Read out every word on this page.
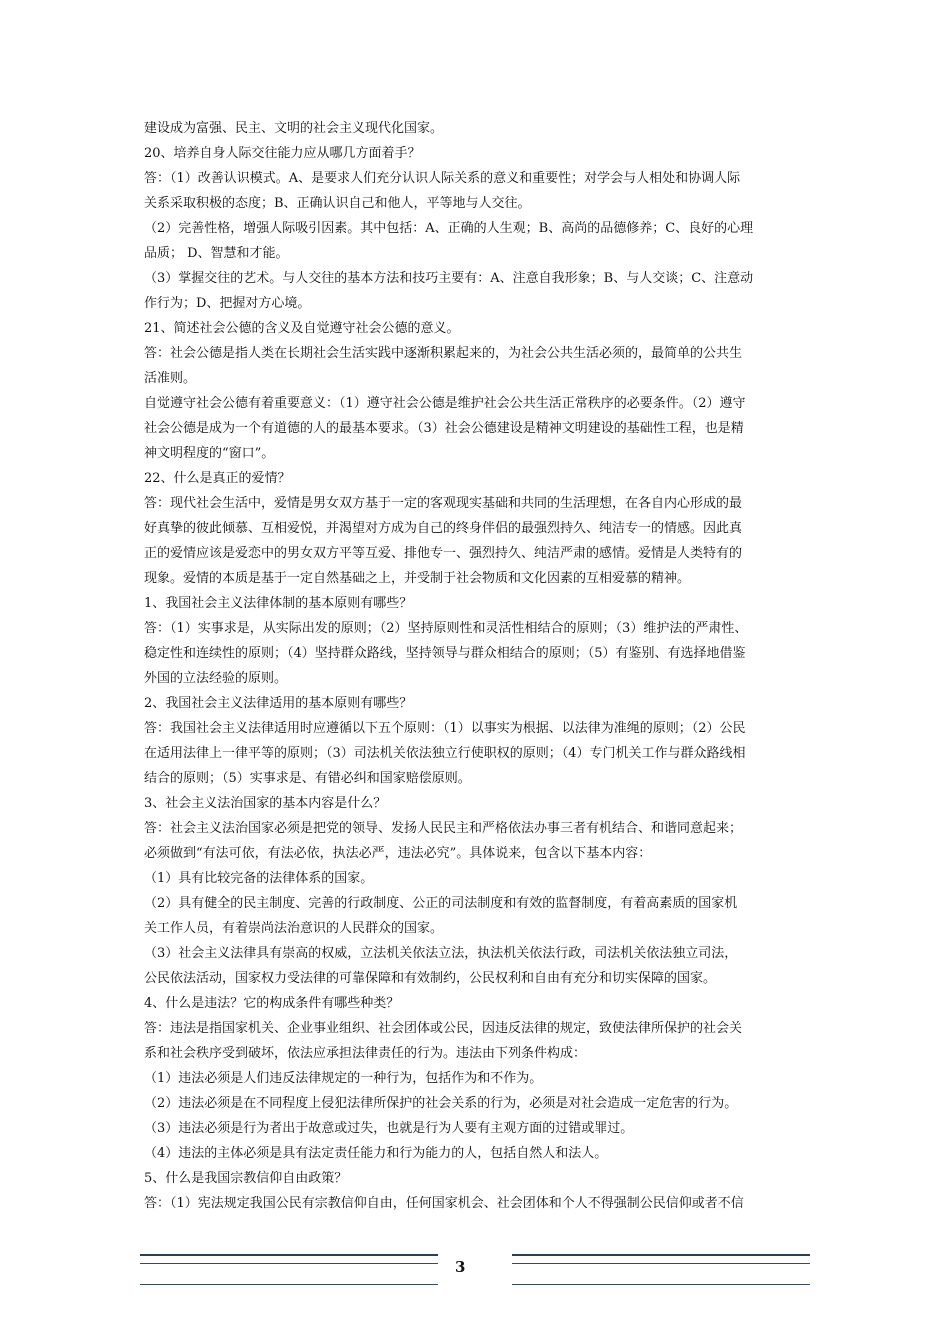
建设成为富强、民主、文明的社会主义现代化国家。
20、培养自身人际交往能力应从哪几方面着手？
答：（1）改善认识模式。A、是要求人们充分认识人际关系的意义和重要性；对学会与人相处和协调人际
关系采取积极的态度；B、正确认识自己和他人，平等地与人交往。
（2）完善性格，增强人际吸引因素。其中包括：A、正确的人生观；B、高尚的品德修养；C、良好的心理
品质； D、智慧和才能。
（3）掌握交往的艺术。与人交往的基本方法和技巧主要有：A、注意自我形象；B、与人交谈；C、注意动
作行为；D、把握对方心境。
21、简述社会公德的含义及自觉遵守社会公德的意义。
答：社会公德是指人类在长期社会生活实践中逐渐积累起来的，为社会公共生活必须的，最简单的公共生
活准则。
自觉遵守社会公德有着重要意义：（1）遵守社会公德是维护社会公共生活正常秩序的必要条件。（2）遵守
社会公德是成为一个有道德的人的最基本要求。（3）社会公德建设是精神文明建设的基础性工程，也是精
神文明程度的“窗口”。
22、什么是真正的爱情？
答：现代社会生活中，爱情是男女双方基于一定的客观现实基础和共同的生活理想，在各自内心形成的最
好真挚的彼此倾慕、互相爱悦，并渴望对方成为自己的终身伴侣的最强烈持久、纯洁专一的情感。因此真
正的爱情应该是爱恋中的男女双方平等互爱、排他专一、强烈持久、纯洁严肃的感情。爱情是人类特有的
现象。爱情的本质是基于一定自然基础之上，并受制于社会物质和文化因素的互相爱慕的精神。
1、我国社会主义法律体制的基本原则有哪些？
答：（1）实事求是，从实际出发的原则；（2）坚持原则性和灵活性相结合的原则；（3）维护法的严肃性、
稳定性和连续性的原则；（4）坚持群众路线，坚持领导与群众相结合的原则；（5）有鉴别、有选择地借鉴
外国的立法经验的原则。
2、我国社会主义法律适用的基本原则有哪些？
答：我国社会主义法律适用时应遵循以下五个原则：（1）以事实为根据、以法律为准绳的原则；（2）公民
在适用法律上一律平等的原则；（3）司法机关依法独立行使职权的原则；（4）专门机关工作与群众路线相
结合的原则；（5）实事求是、有错必纠和国家赔偿原则。
3、社会主义法治国家的基本内容是什么？
答：社会主义法治国家必须是把党的领导、发扬人民民主和严格依法办事三者有机结合、和谐同意起来；
必须做到“有法可依，有法必依，执法必严，违法必究”。具体说来，包含以下基本内容：
（1）具有比较完备的法律体系的国家。
（2）具有健全的民主制度、完善的行政制度、公正的司法制度和有效的监督制度，有着高素质的国家机
关工作人员，有着崇尚法治意识的人民群众的国家。
（3）社会主义法律具有崇高的权威，立法机关依法立法，执法机关依法行政，司法机关依法独立司法，
公民依法活动，国家权力受法律的可靠保障和有效制约，公民权利和自由有充分和切实保障的国家。
4、什么是违法？它的构成条件有哪些种类？
答：违法是指国家机关、企业事业组织、社会团体或公民，因违反法律的规定，致使法律所保护的社会关
系和社会秩序受到破坏，依法应承担法律责任的行为。违法由下列条件构成：
（1）违法必须是人们违反法律规定的一种行为，包括作为和不作为。
（2）违法必须是在不同程度上侵犯法律所保护的社会关系的行为，必须是对社会造成一定危害的行为。
（3）违法必须是行为者出于故意或过失，也就是行为人要有主观方面的过错或罪过。
（4）违法的主体必须是具有法定责任能力和行为能力的人，包括自然人和法人。
5、什么是我国宗教信仰自由政策？
答：（1）宪法规定我国公民有宗教信仰自由，任何国家机会、社会团体和个人不得强制公民信仰或者不信
3
